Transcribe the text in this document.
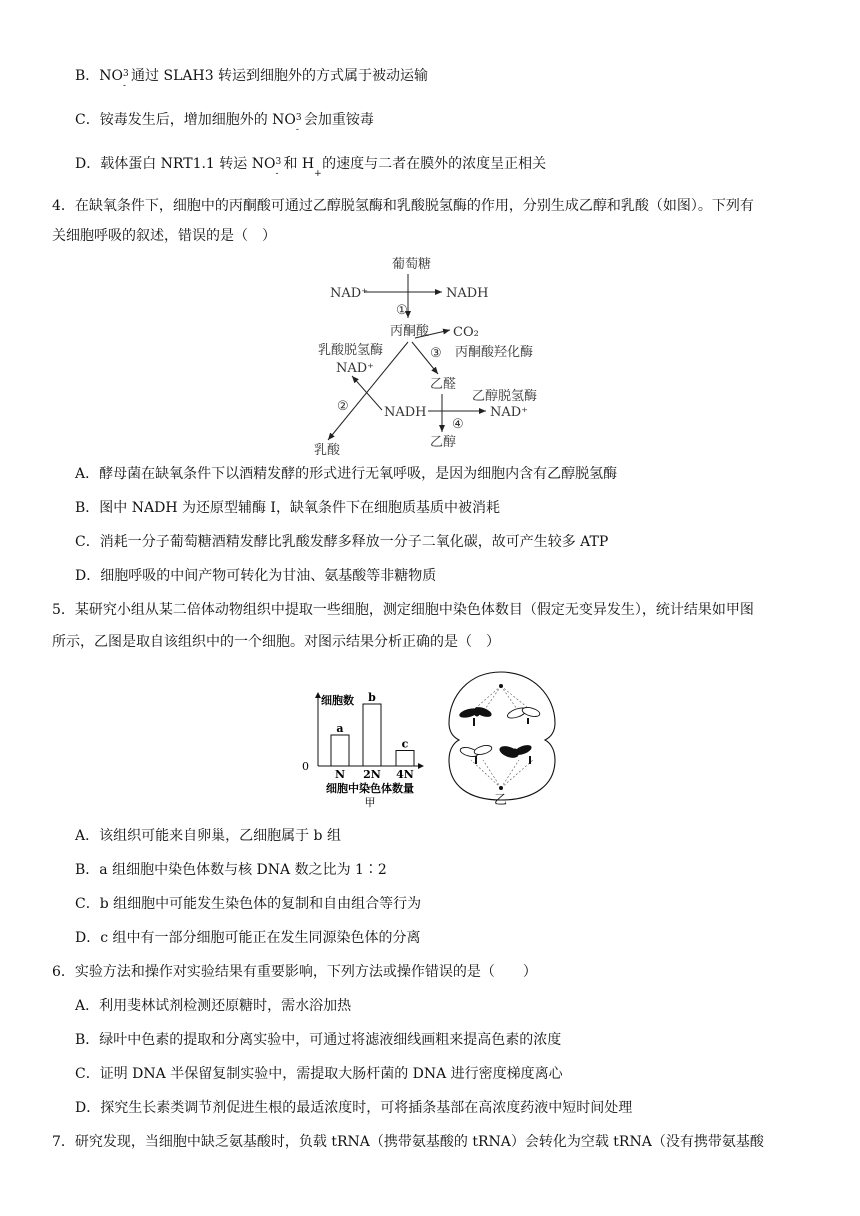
B．NO
-
3 通过 SLAH3 转运到细胞外的方式属于被动运输
C．铵毒发生后，增加细胞外的 NO
-
3 会加重铵毒
D．载体蛋白 NRT1.1 转运 NO
-
3 和 H
+
的速度与二者在膜外的浓度呈正相关
4．在缺氧条件下，细胞中的丙酮酸可通过乙醇脱氢酶和乳酸脱氢酶的作用，分别生成乙醇和乳酸（如图）。下列有
关细胞呼吸的叙述，错误的是（　）
葡萄糖
NAD⁺	NADH
①
丙酮酸 CO₂
③ 丙酮酸羟化酶
乳酸脱氢酶
NAD⁺
乙醛
乙醇脱氢酶
②	NADH
④
NAD⁺
乙醇
乳酸
A．酵母菌在缺氧条件下以酒精发酵的形式进行无氧呼吸，是因为细胞内含有乙醇脱氢酶
B．图中 NADH 为还原型辅酶 I，缺氧条件下在细胞质基质中被消耗
C．消耗一分子葡萄糖酒精发酵比乳酸发酵多释放一分子二氧化碳，故可产生较多 ATP
D．细胞呼吸的中间产物可转化为甘油、氨基酸等非糖物质
5．某研究小组从某二倍体动物组织中提取一些细胞，测定细胞中染色体数目（假定无变异发生），统计结果如甲图
所示，乙图是取自该组织中的一个细胞。对图示结果分析正确的是（　）
细胞数
0
a
N
b
2N
c
4N
细胞中染色体数量
甲	乙
A．该组织可能来自卵巢，乙细胞属于 b 组
B．a 组细胞中染色体数与核 DNA 数之比为 1∶2
C．b 组细胞中可能发生染色体的复制和自由组合等行为
D．c 组中有一部分细胞可能正在发生同源染色体的分离
6．实验方法和操作对实验结果有重要影响，下列方法或操作错误的是（　　）
A．利用斐林试剂检测还原糖时，需水浴加热
B．绿叶中色素的提取和分离实验中，可通过将滤液细线画粗来提高色素的浓度
C．证明 DNA 半保留复制实验中，需提取大肠杆菌的 DNA 进行密度梯度离心
D．探究生长素类调节剂促进生根的最适浓度时，可将插条基部在高浓度药液中短时间处理
7．研究发现，当细胞中缺乏氨基酸时，负载 tRNA（携带氨基酸的 tRNA）会转化为空载 tRNA（没有携带氨基酸
